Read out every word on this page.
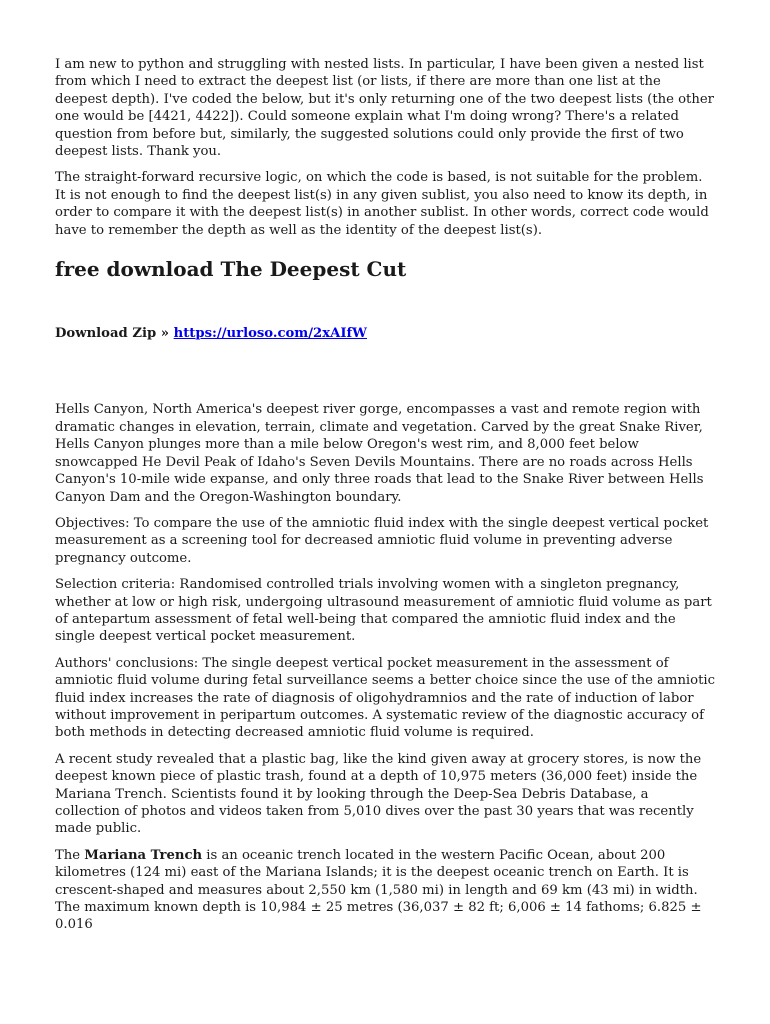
I am new to python and struggling with nested lists. In particular, I have been given a nested list from which I need to extract the deepest list (or lists, if there are more than one list at the deepest depth). I've coded the below, but it's only returning one of the two deepest lists (the other one would be [4421, 4422]). Could someone explain what I'm doing wrong? There's a related question from before but, similarly, the suggested solutions could only provide the first of two deepest lists. Thank you.

The straight-forward recursive logic, on which the code is based, is not suitable for the problem. It is not enough to find the deepest list(s) in any given sublist, you also need to know its depth, in order to compare it with the deepest list(s) in another sublist. In other words, correct code would have to remember the depth as well as the identity of the deepest list(s).

free download The Deepest Cut
Download Zip » https://urloso.com/2xAIfW

Hells Canyon, North America's deepest river gorge, encompasses a vast and remote region with dramatic changes in elevation, terrain, climate and vegetation. Carved by the great Snake River, Hells Canyon plunges more than a mile below Oregon's west rim, and 8,000 feet below snowcapped He Devil Peak of Idaho's Seven Devils Mountains. There are no roads across Hells Canyon's 10-mile wide expanse, and only three roads that lead to the Snake River between Hells Canyon Dam and the Oregon-Washington boundary.

Objectives: To compare the use of the amniotic fluid index with the single deepest vertical pocket measurement as a screening tool for decreased amniotic fluid volume in preventing adverse pregnancy outcome.

Selection criteria: Randomised controlled trials involving women with a singleton pregnancy, whether at low or high risk, undergoing ultrasound measurement of amniotic fluid volume as part of antepartum assessment of fetal well-being that compared the amniotic fluid index and the single deepest vertical pocket measurement.

Authors' conclusions: The single deepest vertical pocket measurement in the assessment of amniotic fluid volume during fetal surveillance seems a better choice since the use of the amniotic fluid index increases the rate of diagnosis of oligohydramnios and the rate of induction of labor without improvement in peripartum outcomes. A systematic review of the diagnostic accuracy of both methods in detecting decreased amniotic fluid volume is required.

A recent study revealed that a plastic bag, like the kind given away at grocery stores, is now the deepest known piece of plastic trash, found at a depth of 10,975 meters (36,000 feet) inside the Mariana Trench. Scientists found it by looking through the Deep-Sea Debris Database, a collection of photos and videos taken from 5,010 dives over the past 30 years that was recently made public.

The Mariana Trench is an oceanic trench located in the western Pacific Ocean, about 200 kilometres (124 mi) east of the Mariana Islands; it is the deepest oceanic trench on Earth. It is crescent-shaped and measures about 2,550 km (1,580 mi) in length and 69 km (43 mi) in width. The maximum known depth is 10,984 ± 25 metres (36,037 ± 82 ft; 6,006 ± 14 fathoms; 6.825 ± 0.016
